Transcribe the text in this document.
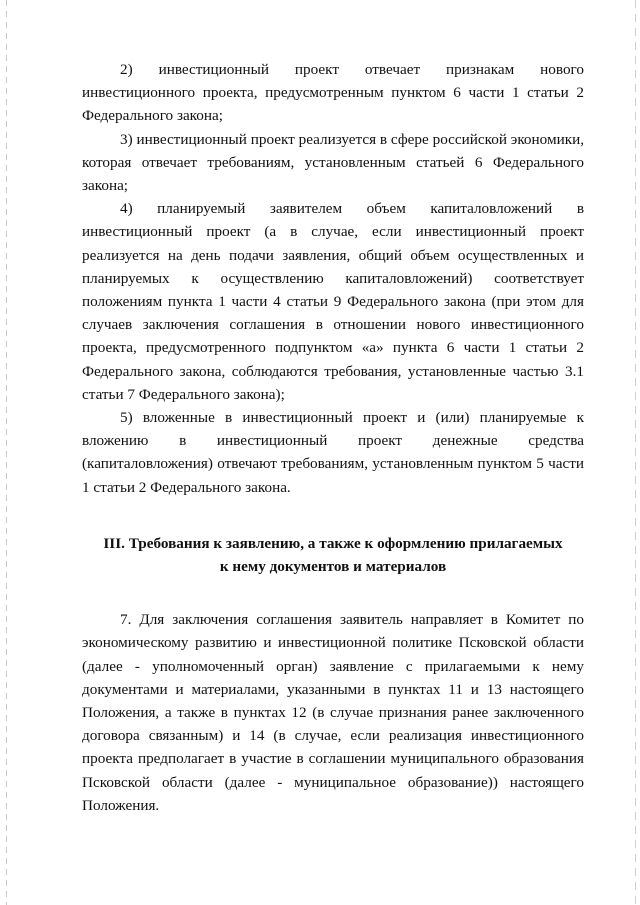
2) инвестиционный проект отвечает признакам нового инвестиционного проекта, предусмотренным пунктом 6 части 1 статьи 2 Федерального закона;

3) инвестиционный проект реализуется в сфере российской экономики, которая отвечает требованиям, установленным статьей 6 Федерального закона;

4) планируемый заявителем объем капиталовложений в инвестиционный проект (а в случае, если инвестиционный проект реализуется на день подачи заявления, общий объем осуществленных и планируемых к осуществлению капиталовложений) соответствует положениям пункта 1 части 4 статьи 9 Федерального закона (при этом для случаев заключения соглашения в отношении нового инвестиционного проекта, предусмотренного подпунктом «а» пункта 6 части 1 статьи 2 Федерального закона, соблюдаются требования, установленные частью 3.1 статьи 7 Федерального закона);

5) вложенные в инвестиционный проект и (или) планируемые к вложению в инвестиционный проект денежные средства (капиталовложения) отвечают требованиям, установленным пунктом 5 части 1 статьи 2 Федерального закона.

III. Требования к заявлению, а также к оформлению прилагаемых
к нему документов и материалов

7. Для заключения соглашения заявитель направляет в Комитет по экономическому развитию и инвестиционной политике Псковской области (далее - уполномоченный орган) заявление с прилагаемыми к нему документами и материалами, указанными в пунктах 11 и 13 настоящего Положения, а также в пунктах 12 (в случае признания ранее заключенного договора связанным) и 14 (в случае, если реализация инвестиционного проекта предполагает в участие в соглашении муниципального образования Псковской области (далее - муниципальное образование)) настоящего Положения.
